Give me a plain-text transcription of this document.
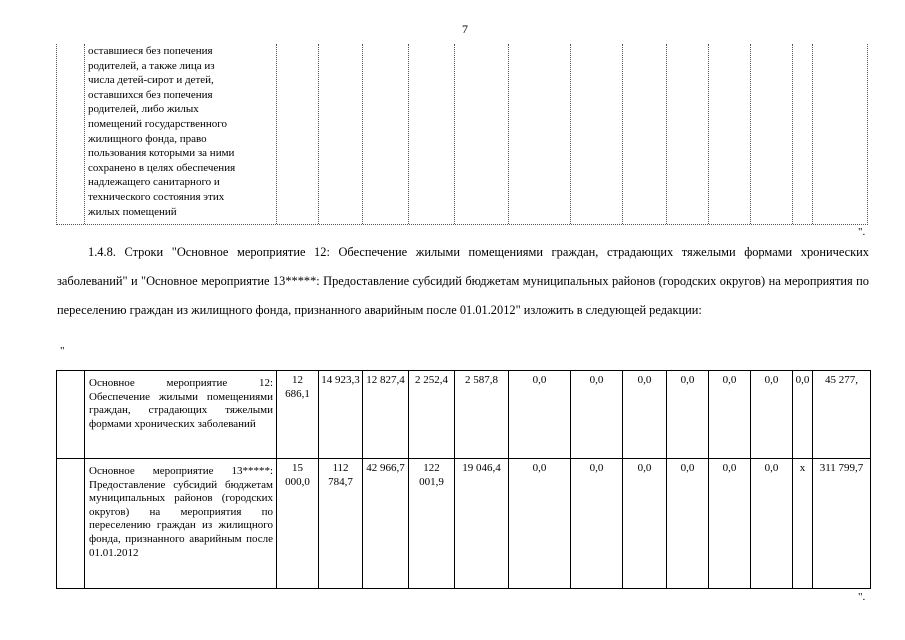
7
оставшиеся без попечения
родителей, а также лица из
числа детей-сирот и детей,
оставшихся без попечения
родителей, либо жилых
помещений государственного
жилищного фонда, право
пользования которыми за ними
сохранено в целях обеспечения
надлежащего санитарного и
технического состояния этих
жилых помещений
".
1.4.8. Строки "Основное мероприятие 12: Обеспечение жилыми помещениями граждан, страдающих тяжелыми формами хронических заболеваний" и "Основное мероприятие 13*****: Предоставление субсидий бюджетам муниципальных районов (городских округов) на мероприятия по переселению граждан из жилищного фонда, признанного аварийным после 01.01.2012" изложить в следующей редакции:
"
	Основное мероприятие 12: Обеспечение жилыми помещениями граждан, страдающих тяжелыми формами хронических заболеваний	12 686,1	14 923,3	12 827,4	2 252,4	2 587,8	0,0	0,0	0,0	0,0	0,0	0,0	0,0	45 277,
	Основное мероприятие 13*****: Предоставление субсидий бюджетам муниципальных районов (городских округов) на мероприятия по переселению граждан из жилищного фонда, признанного аварийным после 01.01.2012	15 000,0	112 784,7	42 966,7	122 001,9	19 046,4	0,0	0,0	0,0	0,0	0,0	0,0	x	311 799,7
".
